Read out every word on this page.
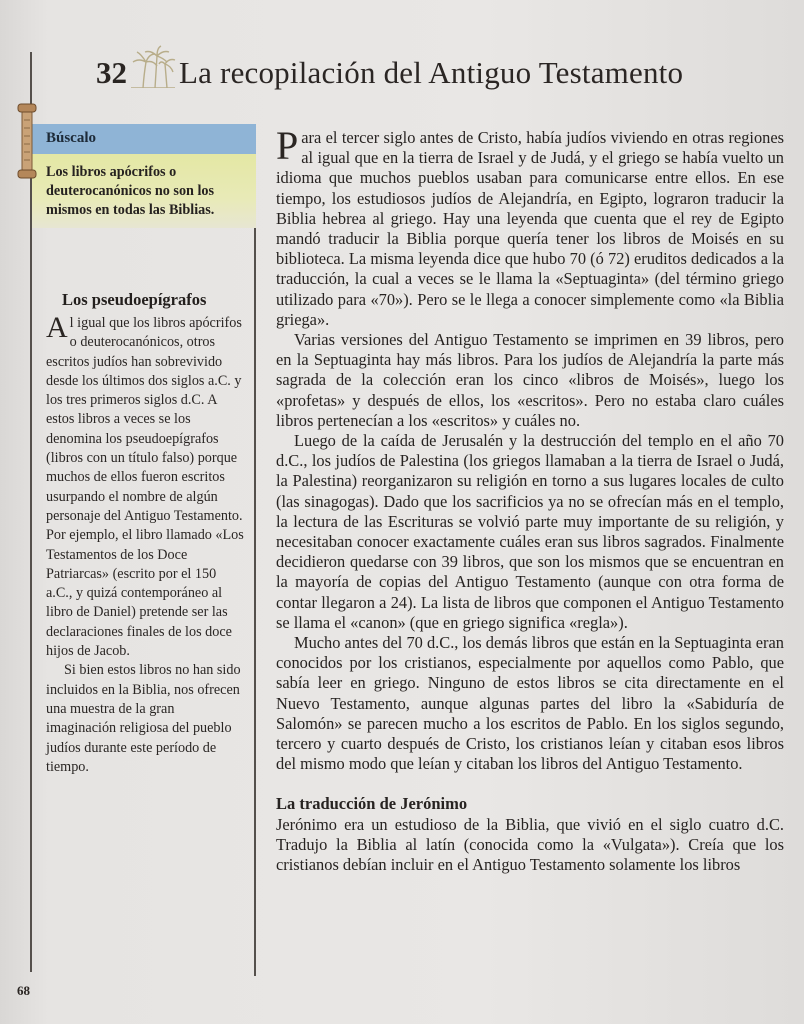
32 La recopilación del Antiguo Testamento
Búscalo
Los libros apócrifos o deuterocanónicos no son los mismos en todas las Biblias.
Los pseudoepígrafos

Al igual que los libros apócrifos o deuterocanónicos, otros escritos judíos han sobrevivido desde los últimos dos siglos a.C. y los tres primeros siglos d.C. A estos libros a veces se los denomina los pseudoepígrafos (libros con un título falso) porque muchos de ellos fueron escritos usurpando el nombre de algún personaje del Antiguo Testamento. Por ejemplo, el libro llamado «Los Testamentos de los Doce Patriarcas» (escrito por el 150 a.C., y quizá contemporáneo al libro de Daniel) pretende ser las declaraciones finales de los doce hijos de Jacob.

Si bien estos libros no han sido incluidos en la Biblia, nos ofrecen una muestra de la gran imaginación religiosa del pueblo judíos durante este período de tiempo.

Para el tercer siglo antes de Cristo, había judíos viviendo en otras regiones al igual que en la tierra de Israel y de Judá, y el griego se había vuelto un idioma que muchos pueblos usaban para comunicarse entre ellos. En ese tiempo, los estudiosos judíos de Alejandría, en Egipto, lograron traducir la Biblia hebrea al griego. Hay una leyenda que cuenta que el rey de Egipto mandó traducir la Biblia porque quería tener los libros de Moisés en su biblioteca. La misma leyenda dice que hubo 70 (ó 72) eruditos dedicados a la traducción, la cual a veces se le llama la «Septuaginta» (del término griego utilizado para «70»). Pero se le llega a conocer simplemente como «la Biblia griega».

Varias versiones del Antiguo Testamento se imprimen en 39 libros, pero en la Septuaginta hay más libros. Para los judíos de Alejandría la parte más sagrada de la colección eran los cinco «libros de Moisés», luego los «profetas» y después de ellos, los «escritos». Pero no estaba claro cuáles libros pertenecían a los «escritos» y cuáles no.

Luego de la caída de Jerusalén y la destrucción del templo en el año 70 d.C., los judíos de Palestina (los griegos llamaban a la tierra de Israel o Judá, la Palestina) reorganizaron su religión en torno a sus lugares locales de culto (las sinagogas). Dado que los sacrificios ya no se ofrecían más en el templo, la lectura de las Escrituras se volvió parte muy importante de su religión, y necesitaban conocer exactamente cuáles eran sus libros sagrados. Finalmente decidieron quedarse con 39 libros, que son los mismos que se encuentran en la mayoría de copias del Antiguo Testamento (aunque con otra forma de contar llegaron a 24). La lista de libros que componen el Antiguo Testamento se llama el «canon» (que en griego significa «regla»).

Mucho antes del 70 d.C., los demás libros que están en la Septuaginta eran conocidos por los cristianos, especialmente por aquellos como Pablo, que sabía leer en griego. Ninguno de estos libros se cita directamente en el Nuevo Testamento, aunque algunas partes del libro la «Sabiduría de Salomón» se parecen mucho a los escritos de Pablo. En los siglos segundo, tercero y cuarto después de Cristo, los cristianos leían y citaban esos libros del mismo modo que leían y citaban los libros del Antiguo Testamento.

La traducción de Jerónimo

Jerónimo era un estudioso de la Biblia, que vivió en el siglo cuatro d.C. Tradujo la Biblia al latín (conocida como la «Vulgata»). Creía que los cristianos debían incluir en el Antiguo Testamento solamente los libros

68
